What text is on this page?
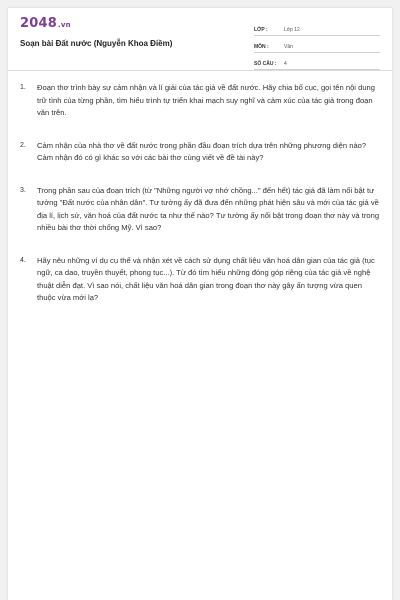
2048.vn
Soạn bài Đất nước (Nguyễn Khoa Điềm)
LỚP :	Lớp 12
MÔN :	Văn
SỐ CÂU :	4
1.	Đoạn thơ trình bày sự cảm nhận và lí giải của tác giả về đất nước. Hãy chia bố cục, gọi tên nội dung trữ tình của từng phần, tìm hiểu trình tự triển khai mạch suy nghĩ và cảm xúc của tác giả trong đoạn văn trên.
2.	Cảm nhận của nhà thơ về đất nước trong phần đầu đoạn trích dựa trên những phương diện nào? Cảm nhận đó có gì khác so với các bài thơ cùng viết về đề tài này?
3.	Trong phần sau của đoạn trích (từ "Những người vợ nhớ chồng..." đến hết) tác giả đã làm nổi bật tư tưởng "Đất nước của nhân dân". Tư tưởng ấy đã đưa đến những phát hiện sâu và mới của tác giả về địa lí, lịch sử, văn hoá của đất nước ta như thế nào? Tư tưởng ấy nổi bật trong đoạn thơ này và trong nhiều bài thơ thời chống Mỹ. Vì sao?
4.	Hãy nêu những ví dụ cụ thể và nhận xét về cách sử dụng chất liệu văn hoá dân gian của tác giả (tục ngữ, ca dao, truyền thuyết, phong tục...). Từ đó tìm hiểu những đóng góp riêng của tác giả về nghệ thuật diễn đạt. Vì sao nói, chất liệu văn hoá dân gian trong đoạn thơ này gây ấn tượng vừa quen thuộc vừa mới lạ?
